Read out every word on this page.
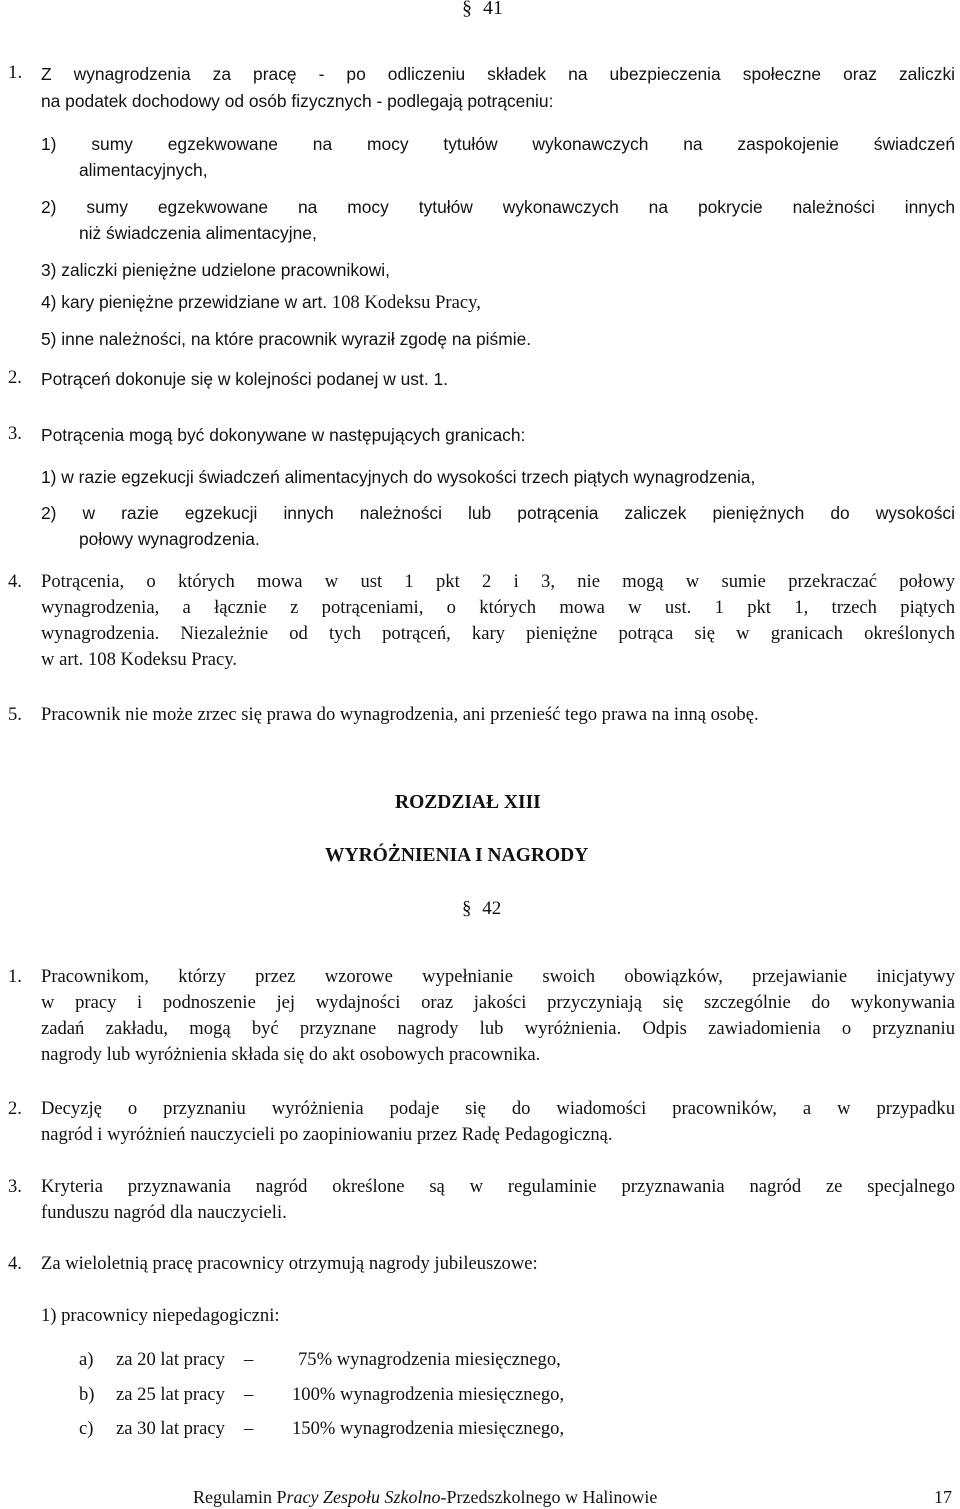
§ 41
1. Z wynagrodzenia za pracę - po odliczeniu składek na ubezpieczenia społeczne oraz zaliczki
na podatek dochodowy od osób fizycznych - podlegają potrąceniu:
1) sumy egzekwowane na mocy tytułów wykonawczych na zaspokojenie świadczeń
alimentacyjnych,
2) sumy egzekwowane na mocy tytułów wykonawczych na pokrycie należności innych
niż świadczenia alimentacyjne,
3) zaliczki pieniężne udzielone pracownikowi,
4) kary pieniężne przewidziane w art. 108 Kodeksu Pracy,
5) inne należności, na które pracownik wyraził zgodę na piśmie.
2. Potrąceń dokonuje się w kolejności podanej w ust. 1.
3. Potrącenia mogą być dokonywane w następujących granicach:
1) w razie egzekucji świadczeń alimentacyjnych do wysokości trzech piątych wynagrodzenia,
2) w razie egzekucji innych należności lub potrącenia zaliczek pieniężnych do wysokości
połowy wynagrodzenia.
4. Potrącenia, o których mowa w ust 1 pkt 2 i 3, nie mogą w sumie przekraczać połowy
wynagrodzenia, a łącznie z potrąceniami, o których mowa w ust. 1 pkt 1, trzech piątych
wynagrodzenia. Niezależnie od tych potrąceń, kary pieniężne potrąca się w granicach określonych
w art. 108 Kodeksu Pracy.
5. Pracownik nie może zrzec się prawa do wynagrodzenia, ani przenieść tego prawa na inną osobę.
ROZDZIAŁ XIII
WYRÓŻNIENIA I NAGRODY
§ 42
1. Pracownikom, którzy przez wzorowe wypełnianie swoich obowiązków, przejawianie inicjatywy
w pracy i podnoszenie jej wydajności oraz jakości przyczyniają się szczególnie do wykonywania
zadań zakładu, mogą być przyznane nagrody lub wyróżnienia. Odpis zawiadomienia o przyznaniu
nagrody lub wyróżnienia składa się do akt osobowych pracownika.
2. Decyzję o przyznaniu wyróżnienia podaje się do wiadomości pracowników, a w przypadku
nagród i wyróżnień nauczycieli po zaopiniowaniu przez Radę Pedagogiczną.
3. Kryteria przyznawania nagród określone są w regulaminie przyznawania nagród ze specjalnego
funduszu nagród dla nauczycieli.
4. Za wieloletnią pracę pracownicy otrzymują nagrody jubileuszowe:
1) pracownicy niepedagogiczni:
a) za 20 lat pracy – 75% wynagrodzenia miesięcznego,
b) za 25 lat pracy – 100% wynagrodzenia miesięcznego,
c) za 30 lat pracy – 150% wynagrodzenia miesięcznego,
Regulamin Pracy Zespołu Szkolno-Przedszkolnego w Halinowie	17
